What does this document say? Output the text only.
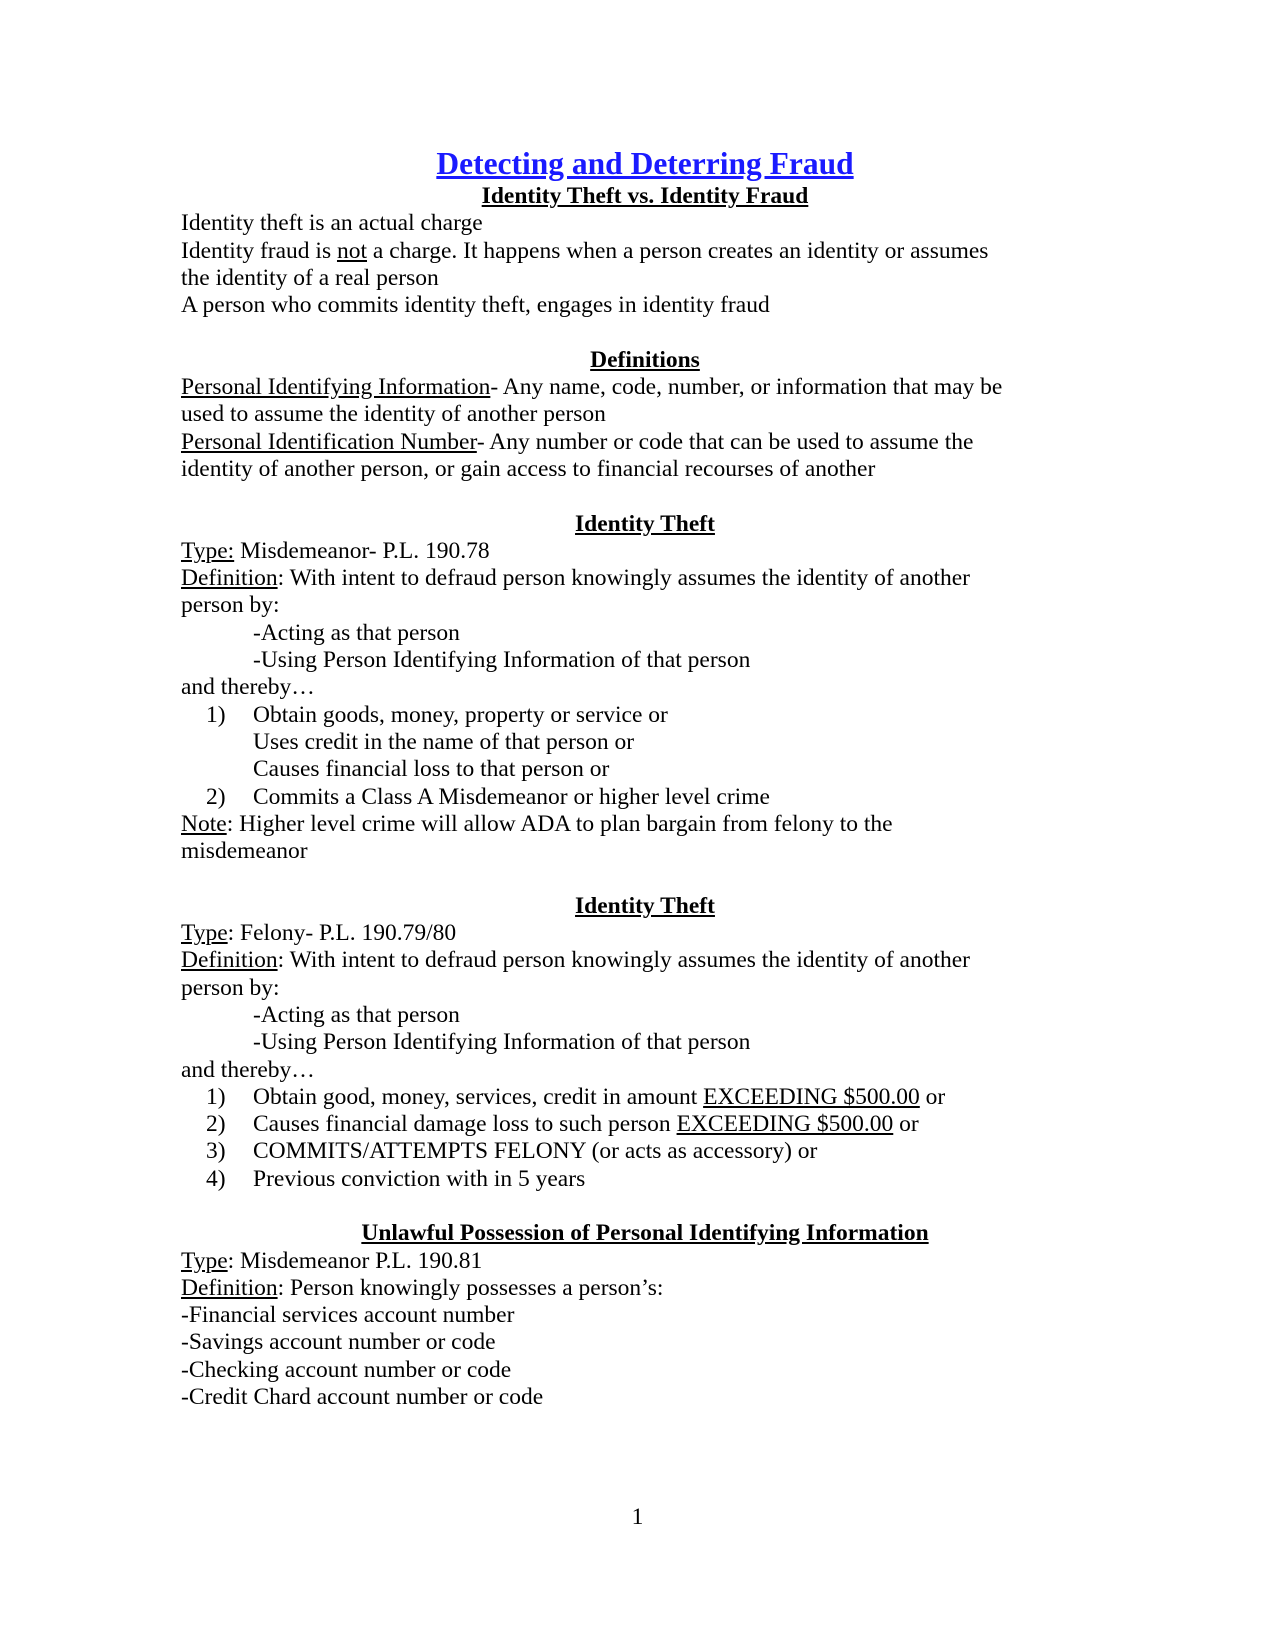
Detecting and Deterring Fraud
Identity Theft vs. Identity Fraud
Identity theft is an actual charge
Identity fraud is not a charge. It happens when a person creates an identity or assumes
the identity of a real person
A person who commits identity theft, engages in identity fraud
Definitions
Personal Identifying Information- Any name, code, number, or information that may be
used to assume the identity of another person
Personal Identification Number- Any number or code that can be used to assume the
identity of another person, or gain access to financial recourses of another
Identity Theft
Type: Misdemeanor- P.L. 190.78
Definition: With intent to defraud person knowingly assumes the identity of another
person by:
-Acting as that person
-Using Person Identifying Information of that person
and thereby…
1)	Obtain goods, money, property or service or
Uses credit in the name of that person or
Causes financial loss to that person or
2)	Commits a Class A Misdemeanor or higher level crime
Note: Higher level crime will allow ADA to plan bargain from felony to the
misdemeanor
Identity Theft
Type: Felony- P.L. 190.79/80
Definition: With intent to defraud person knowingly assumes the identity of another
person by:
-Acting as that person
-Using Person Identifying Information of that person
and thereby…
1)	Obtain good, money, services, credit in amount EXCEEDING $500.00 or
2)	Causes financial damage loss to such person EXCEEDING $500.00 or
3)	COMMITS/ATTEMPTS FELONY (or acts as accessory) or
4)	Previous conviction with in 5 years
Unlawful Possession of Personal Identifying Information
Type: Misdemeanor P.L. 190.81
Definition: Person knowingly possesses a person’s:
-Financial services account number
-Savings account number or code
-Checking account number or code
-Credit Chard account number or code
1
